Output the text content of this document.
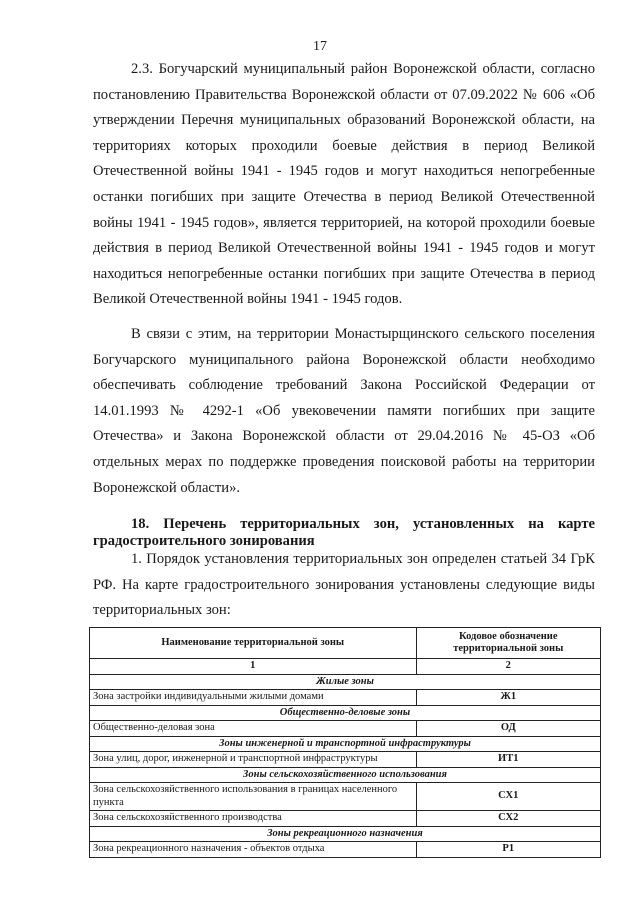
17
2.3. Богучарский муниципальный район Воронежской области, согласно постановлению Правительства Воронежской области от 07.09.2022 № 606 «Об утверждении Перечня муниципальных образований Воронежской области, на территориях которых проходили боевые действия в период Великой Отечественной войны 1941 - 1945 годов и могут находиться непогребенные останки погибших при защите Отечества в период Великой Отечественной войны 1941 - 1945 годов», является территорией, на которой проходили боевые действия в период Великой Отечественной войны 1941 - 1945 годов и могут находиться непогребенные останки погибших при защите Отечества в период Великой Отечественной войны 1941 - 1945 годов.
В связи с этим, на территории Монастырщинского сельского поселения Богучарского муниципального района Воронежской области необходимо обеспечивать соблюдение требований Закона Российской Федерации от 14.01.1993 № 4292-1 «Об увековечении памяти погибших при защите Отечества» и Закона Воронежской области от 29.04.2016 № 45-ОЗ «Об отдельных мерах по поддержке проведения поисковой работы на территории Воронежской области».
18. Перечень территориальных зон, установленных на карте градостроительного зонирования
1. Порядок установления территориальных зон определен статьей 34 ГрК РФ. На карте градостроительного зонирования установлены следующие виды территориальных зон:
Наименование территориальной зоны	Кодовое обозначение территориальной зоны
1	2
Жилые зоны	
Зона застройки индивидуальными жилыми домами	Ж1
Общественно-деловые зоны	
Общественно-деловая зона	ОД
Зоны инженерной и транспортной инфраструктуры	
Зона улиц, дорог, инженерной и транспортной инфраструктуры	ИТ1
Зоны сельскохозяйственного использования	
Зона сельскохозяйственного использования в границах населенного пункта	СХ1
Зона сельскохозяйственного производства	СХ2
Зоны рекреационного назначения	
Зона рекреационного назначения - объектов отдыха	Р1
